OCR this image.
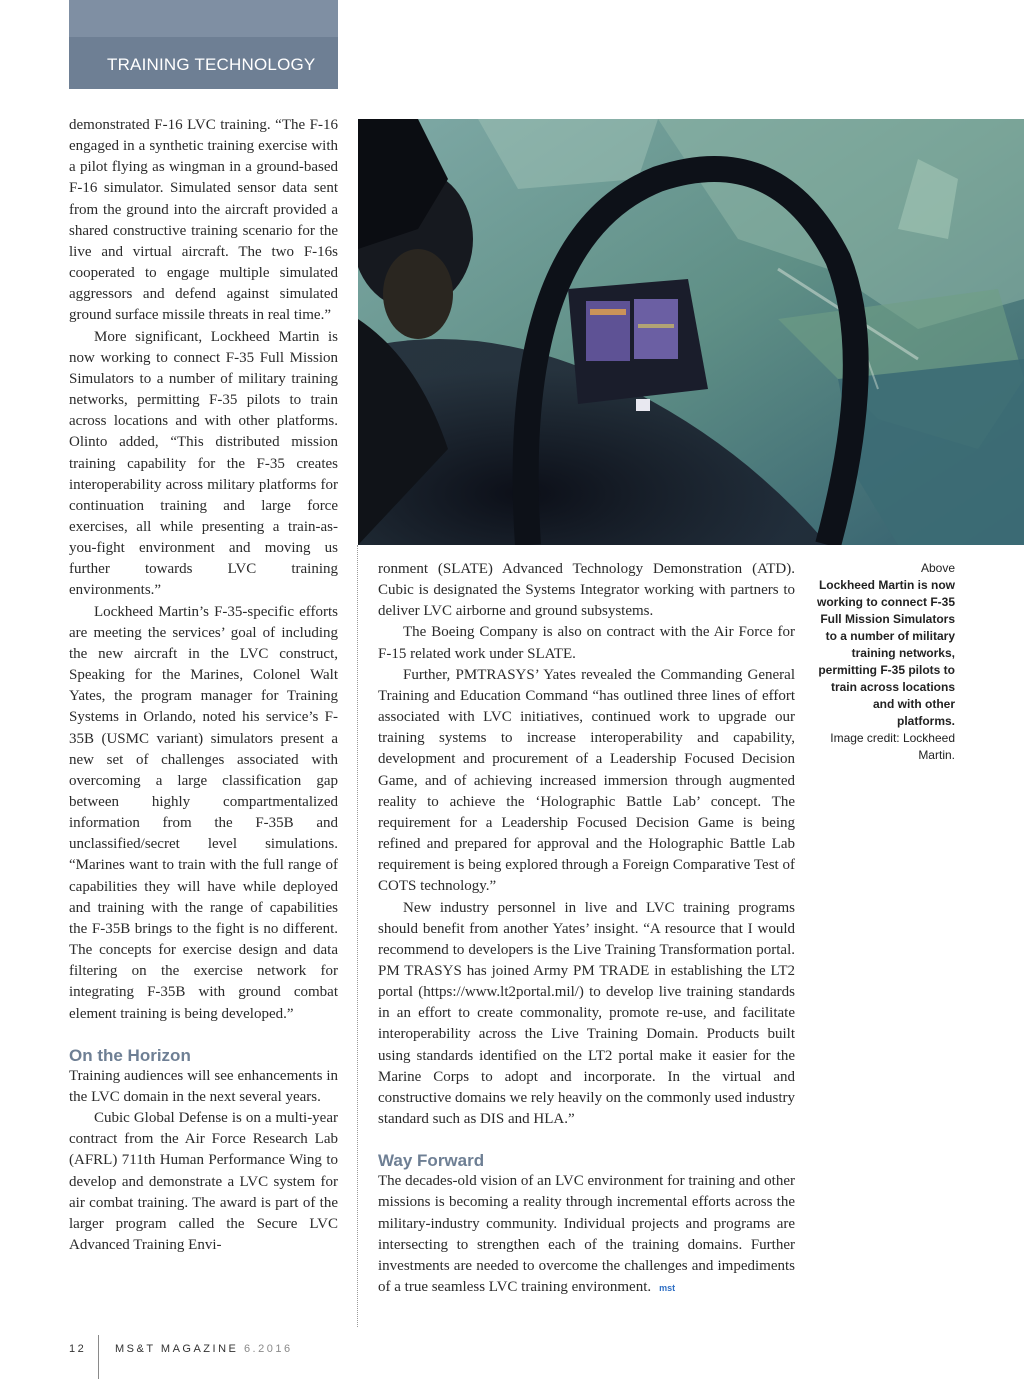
TRAINING TECHNOLOGY

demonstrated F-16 LVC training. “The F-16 engaged in a synthetic training exercise with a pilot flying as wingman in a ground-based F-16 simulator. Simulated sensor data sent from the ground into the aircraft provided a shared constructive training scenario for the live and virtual aircraft. The two F-16s cooperated to engage multiple simulated aggressors and defend against simulated ground surface missile threats in real time.”

More significant, Lockheed Martin is now working to connect F-35 Full Mission Simulators to a number of military training networks, permitting F-35 pilots to train across locations and with other platforms. Olinto added, “This distributed mission training capability for the F-35 creates interoperability across military platforms for continuation training and large force exercises, all while presenting a train-as-you-fight environment and moving us further towards LVC training environments.”

Lockheed Martin’s F-35-specific efforts are meeting the services’ goal of including the new aircraft in the LVC construct, Speaking for the Marines, Colonel Walt Yates, the program manager for Training Systems in Orlando, noted his service’s F-35B (USMC variant) simulators present a new set of challenges associated with overcoming a large classification gap between highly compartmentalized information from the F-35B and unclassified/secret level simulations. “Marines want to train with the full range of capabilities they will have while deployed and training with the range of capabilities the F-35B brings to the fight is no different. The concepts for exercise design and data filtering on the exercise network for integrating F-35B with ground combat element training is being developed.”

On the Horizon

Training audiences will see enhancements in the LVC domain in the next several years.

Cubic Global Defense is on a multi-year contract from the Air Force Research Lab (AFRL) 711th Human Performance Wing to develop and demonstrate a LVC system for air combat training. The award is part of the larger program called the Secure LVC Advanced Training Envi-

ronment (SLATE) Advanced Technology Demonstration (ATD). Cubic is designated the Systems Integrator working with partners to deliver LVC airborne and ground subsystems.

The Boeing Company is also on contract with the Air Force for F-15 related work under SLATE.

Further, PMTRASYS’ Yates revealed the Commanding General Training and Education Command “has outlined three lines of effort associated with LVC initiatives, continued work to upgrade our training systems to increase interoperability and capability, development and procurement of a Leadership Focused Decision Game, and of achieving increased immersion through augmented reality to achieve the ‘Holographic Battle Lab’ concept. The requirement for a Leadership Focused Decision Game is being refined and prepared for approval and the Holographic Battle Lab requirement is being explored through a Foreign Comparative Test of COTS technology.”

New industry personnel in live and LVC training programs should benefit from another Yates’ insight. “A resource that I would recommend to developers is the Live Training Transformation portal. PM TRASYS has joined Army PM TRADE in establishing the LT2 portal (https://www.lt2portal.mil/) to develop live training standards in an effort to create commonality, promote re-use, and facilitate interoperability across the Live Training Domain. Products built using standards identified on the LT2 portal make it easier for the Marine Corps to adopt and incorporate. In the virtual and constructive domains we rely heavily on the commonly used industry standard such as DIS and HLA.”

Way Forward

The decades-old vision of an LVC environment for training and other missions is becoming a reality through incremental efforts across the military-industry community. Individual projects and programs are intersecting to strengthen each of the training domains. Further investments are needed to overcome the challenges and impediments of a true seamless LVC training environment. mst

Above
Lockheed Martin is now working to connect F-35 Full Mission Simulators to a number of military training networks, permitting F-35 pilots to train across locations and with other platforms.
Image credit: Lockheed Martin.
12	MS&T MAGAZINE 6.2016
